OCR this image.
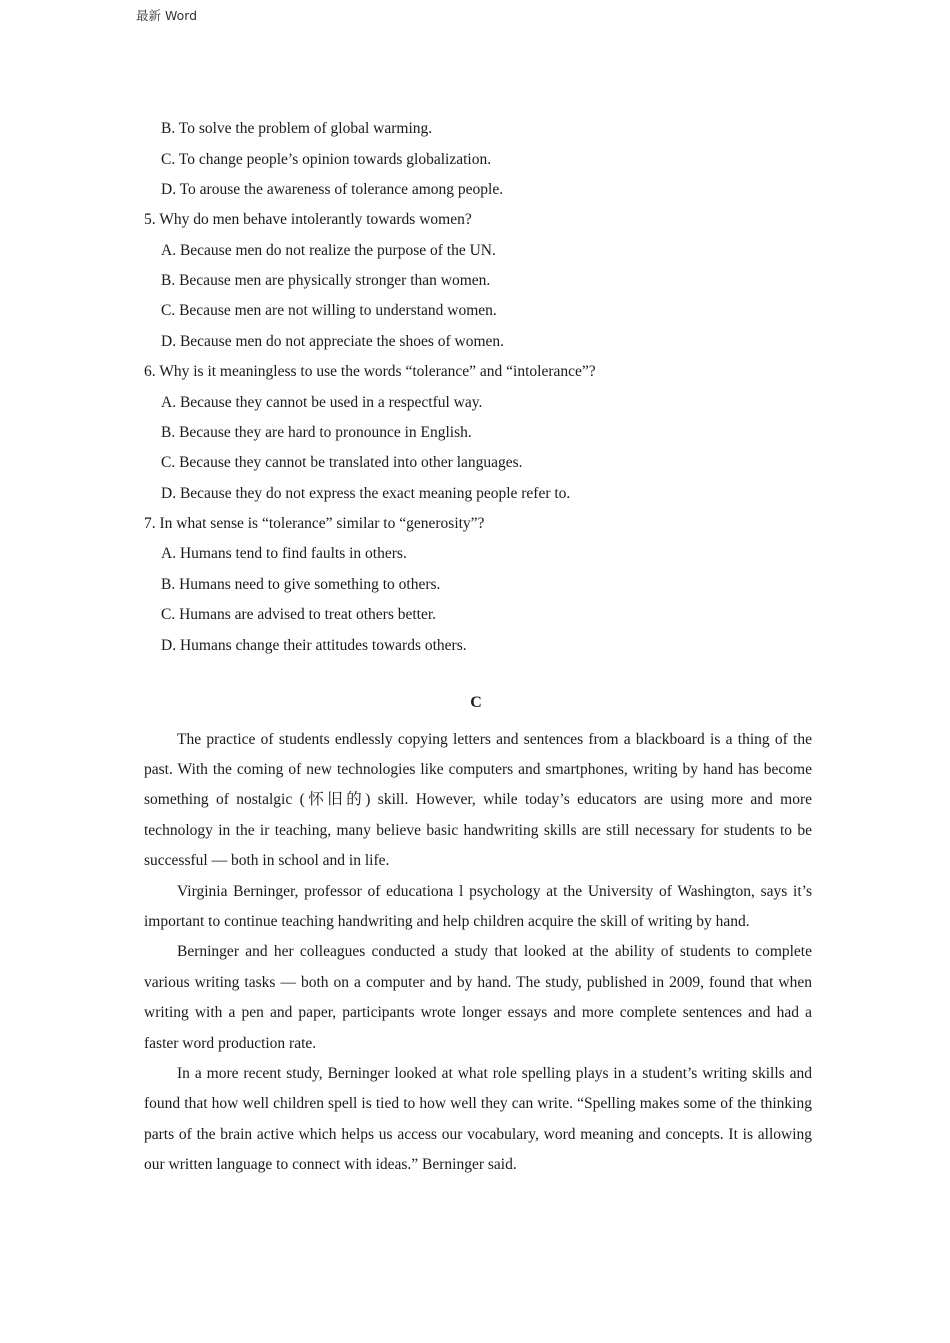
最新 Word
B. To solve the problem of global warming.
C. To change people’s opinion towards globalization.
D. To arouse the awareness of tolerance among people.
5. Why do men behave intolerantly towards women?
A. Because men do not realize the purpose of the UN.
B. Because men are physically stronger than women.
C. Because men are not willing to understand women.
D. Because men do not appreciate the shoes of women.
6. Why is it meaningless to use the words “tolerance” and “intolerance”?
A. Because they cannot be used in a respectful way.
B. Because they are hard to pronounce in English.
C. Because they cannot be translated into other languages.
D. Because they do not express the exact meaning people refer to.
7. In what sense is “tolerance” similar to “generosity”?
A. Humans tend to find faults in others.
B. Humans need to give something to others.
C. Humans are advised to treat others better.
D. Humans change their attitudes towards others.
C

The practice of students endlessly copying letters and sentences from a blackboard is a thing of the past. With the coming of new technologies like computers and smartphones, writing by hand has become something of nostalgic (怀旧的) skill. However, while today’s educators are using more and more technology in the ir teaching, many believe basic handwriting skills are still necessary for students to be successful — both in school and in life.

Virginia Berninger, professor of educationa l psychology at the University of Washington, says it’s important to continue teaching handwriting and help children acquire the skill of writing by hand.

Berninger and her colleagues conducted a study that looked at the ability of students to complete various writing tasks — both on a computer and by hand. The study, published in 2009, found that when writing with a pen and paper, participants wrote longer essays and more complete sentences and had a faster word production rate.

In a more recent study, Berninger looked at what role spelling plays in a student’s writing skills and found that how well children spell is tied to how well they can write. “Spelling makes some of the thinking parts of the brain active which helps us access our vocabulary, word meaning and concepts. It is allowing our written language to connect with ideas.” Berninger said.
